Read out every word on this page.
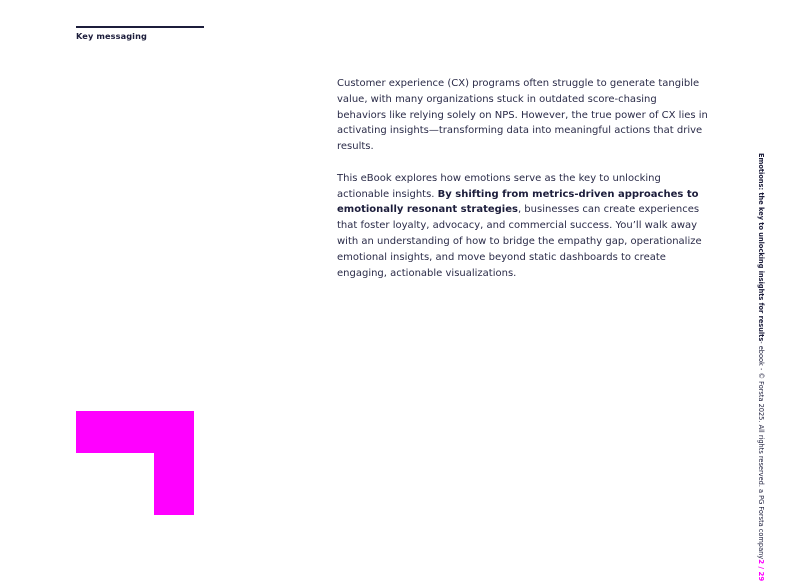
Key messaging

Customer experience (CX) programs often struggle to generate tangible value, with many organizations stuck in outdated score-chasing behaviors like relying solely on NPS. However, the true power of CX lies in activating insights—transforming data into meaningful actions that drive results.

This eBook explores how emotions serve as the key to unlocking actionable insights. By shifting from metrics-driven approaches to emotionally resonant strategies, businesses can create experiences that foster loyalty, advocacy, and commercial success. You’ll walk away with an understanding of how to bridge the empathy gap, operationalize emotional insights, and move beyond static dashboards to create engaging, actionable visualizations.	Emotions: the key to unlocking insights for results
- ebook - © Forsta 2025. All rights reserved. a PG Forsta company
2 / 29
